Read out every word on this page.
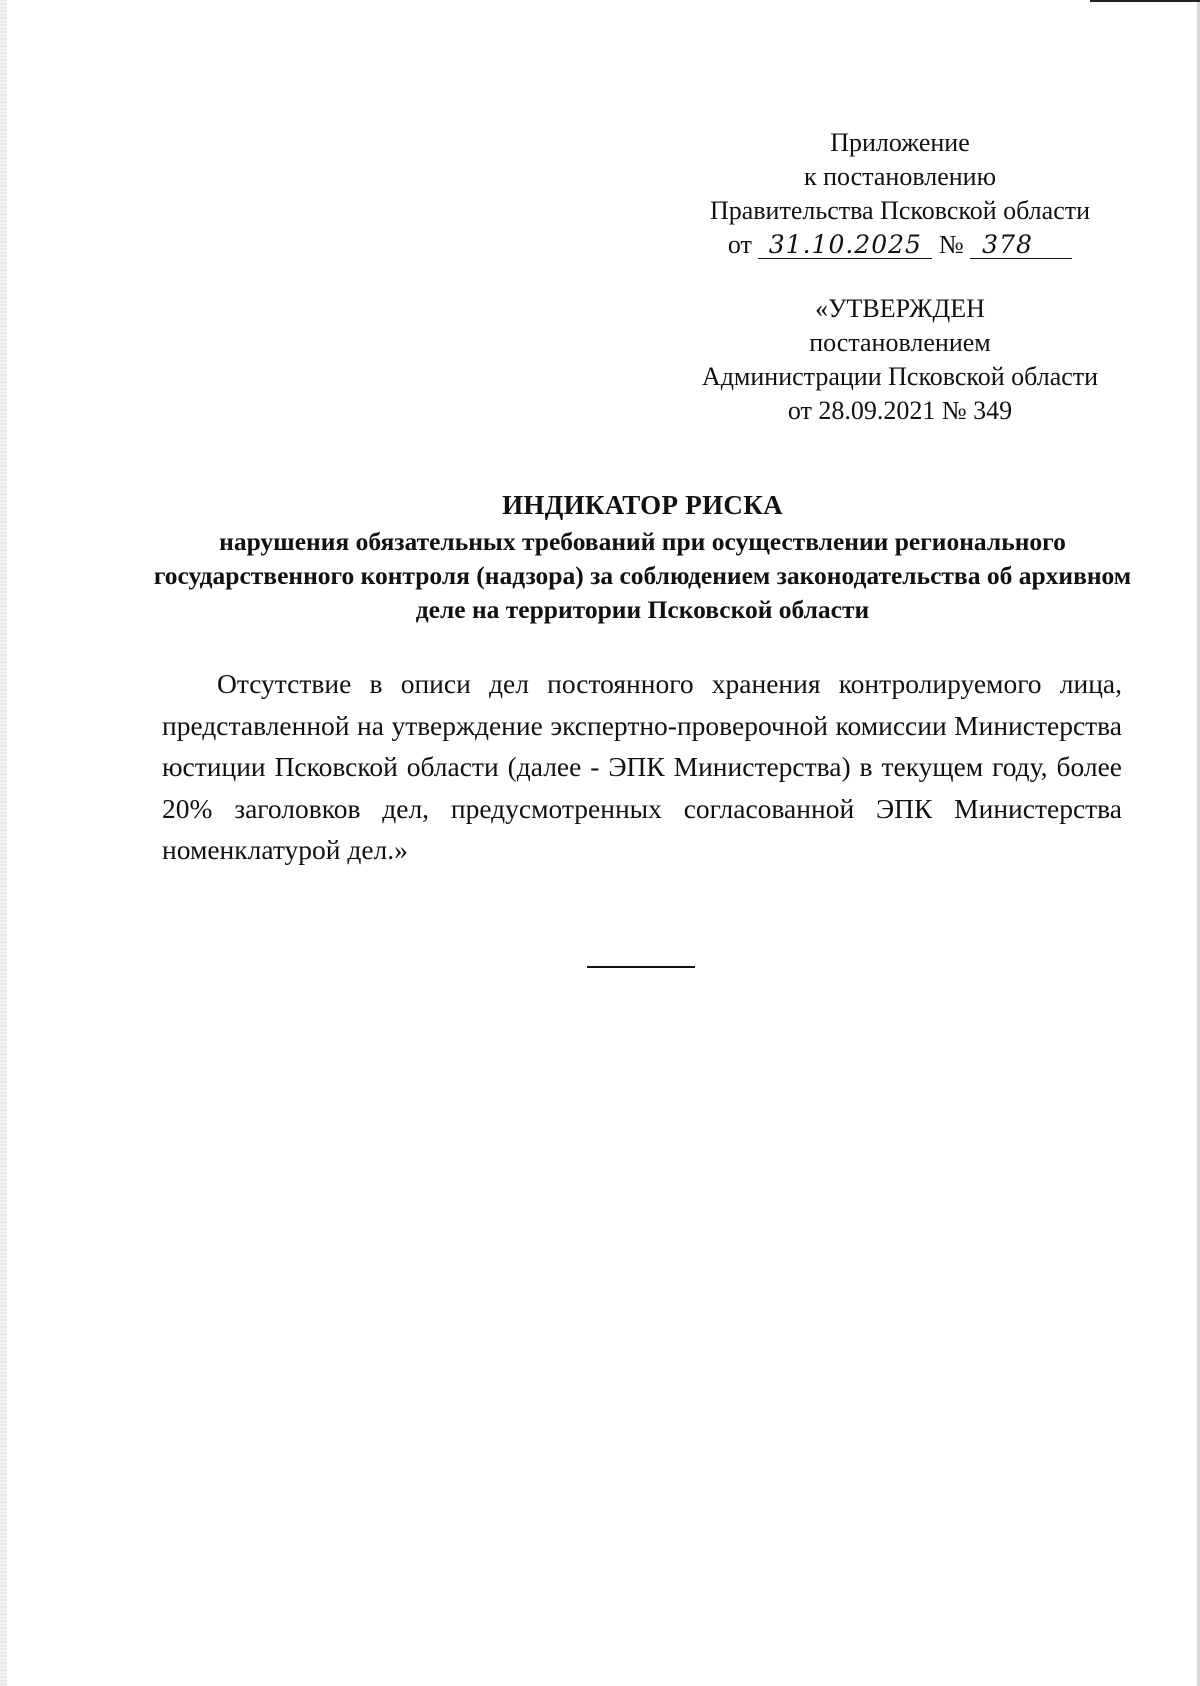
Приложение
к постановлению
Правительства Псковской области
от 31.10.2025 № 378
«УТВЕРЖДЕН
постановлением
Администрации Псковской области
от 28.09.2021 № 349
ИНДИКАТОР РИСКА
нарушения обязательных требований при осуществлении регионального государственного контроля (надзора) за соблюдением законодательства об архивном деле на территории Псковской области
Отсутствие в описи дел постоянного хранения контролируемого лица, представленной на утверждение экспертно-проверочной комиссии Министерства юстиции Псковской области (далее - ЭПК Министерства) в текущем году, более 20% заголовков дел, предусмотренных согласованной ЭПК Министерства номенклатурой дел.»
